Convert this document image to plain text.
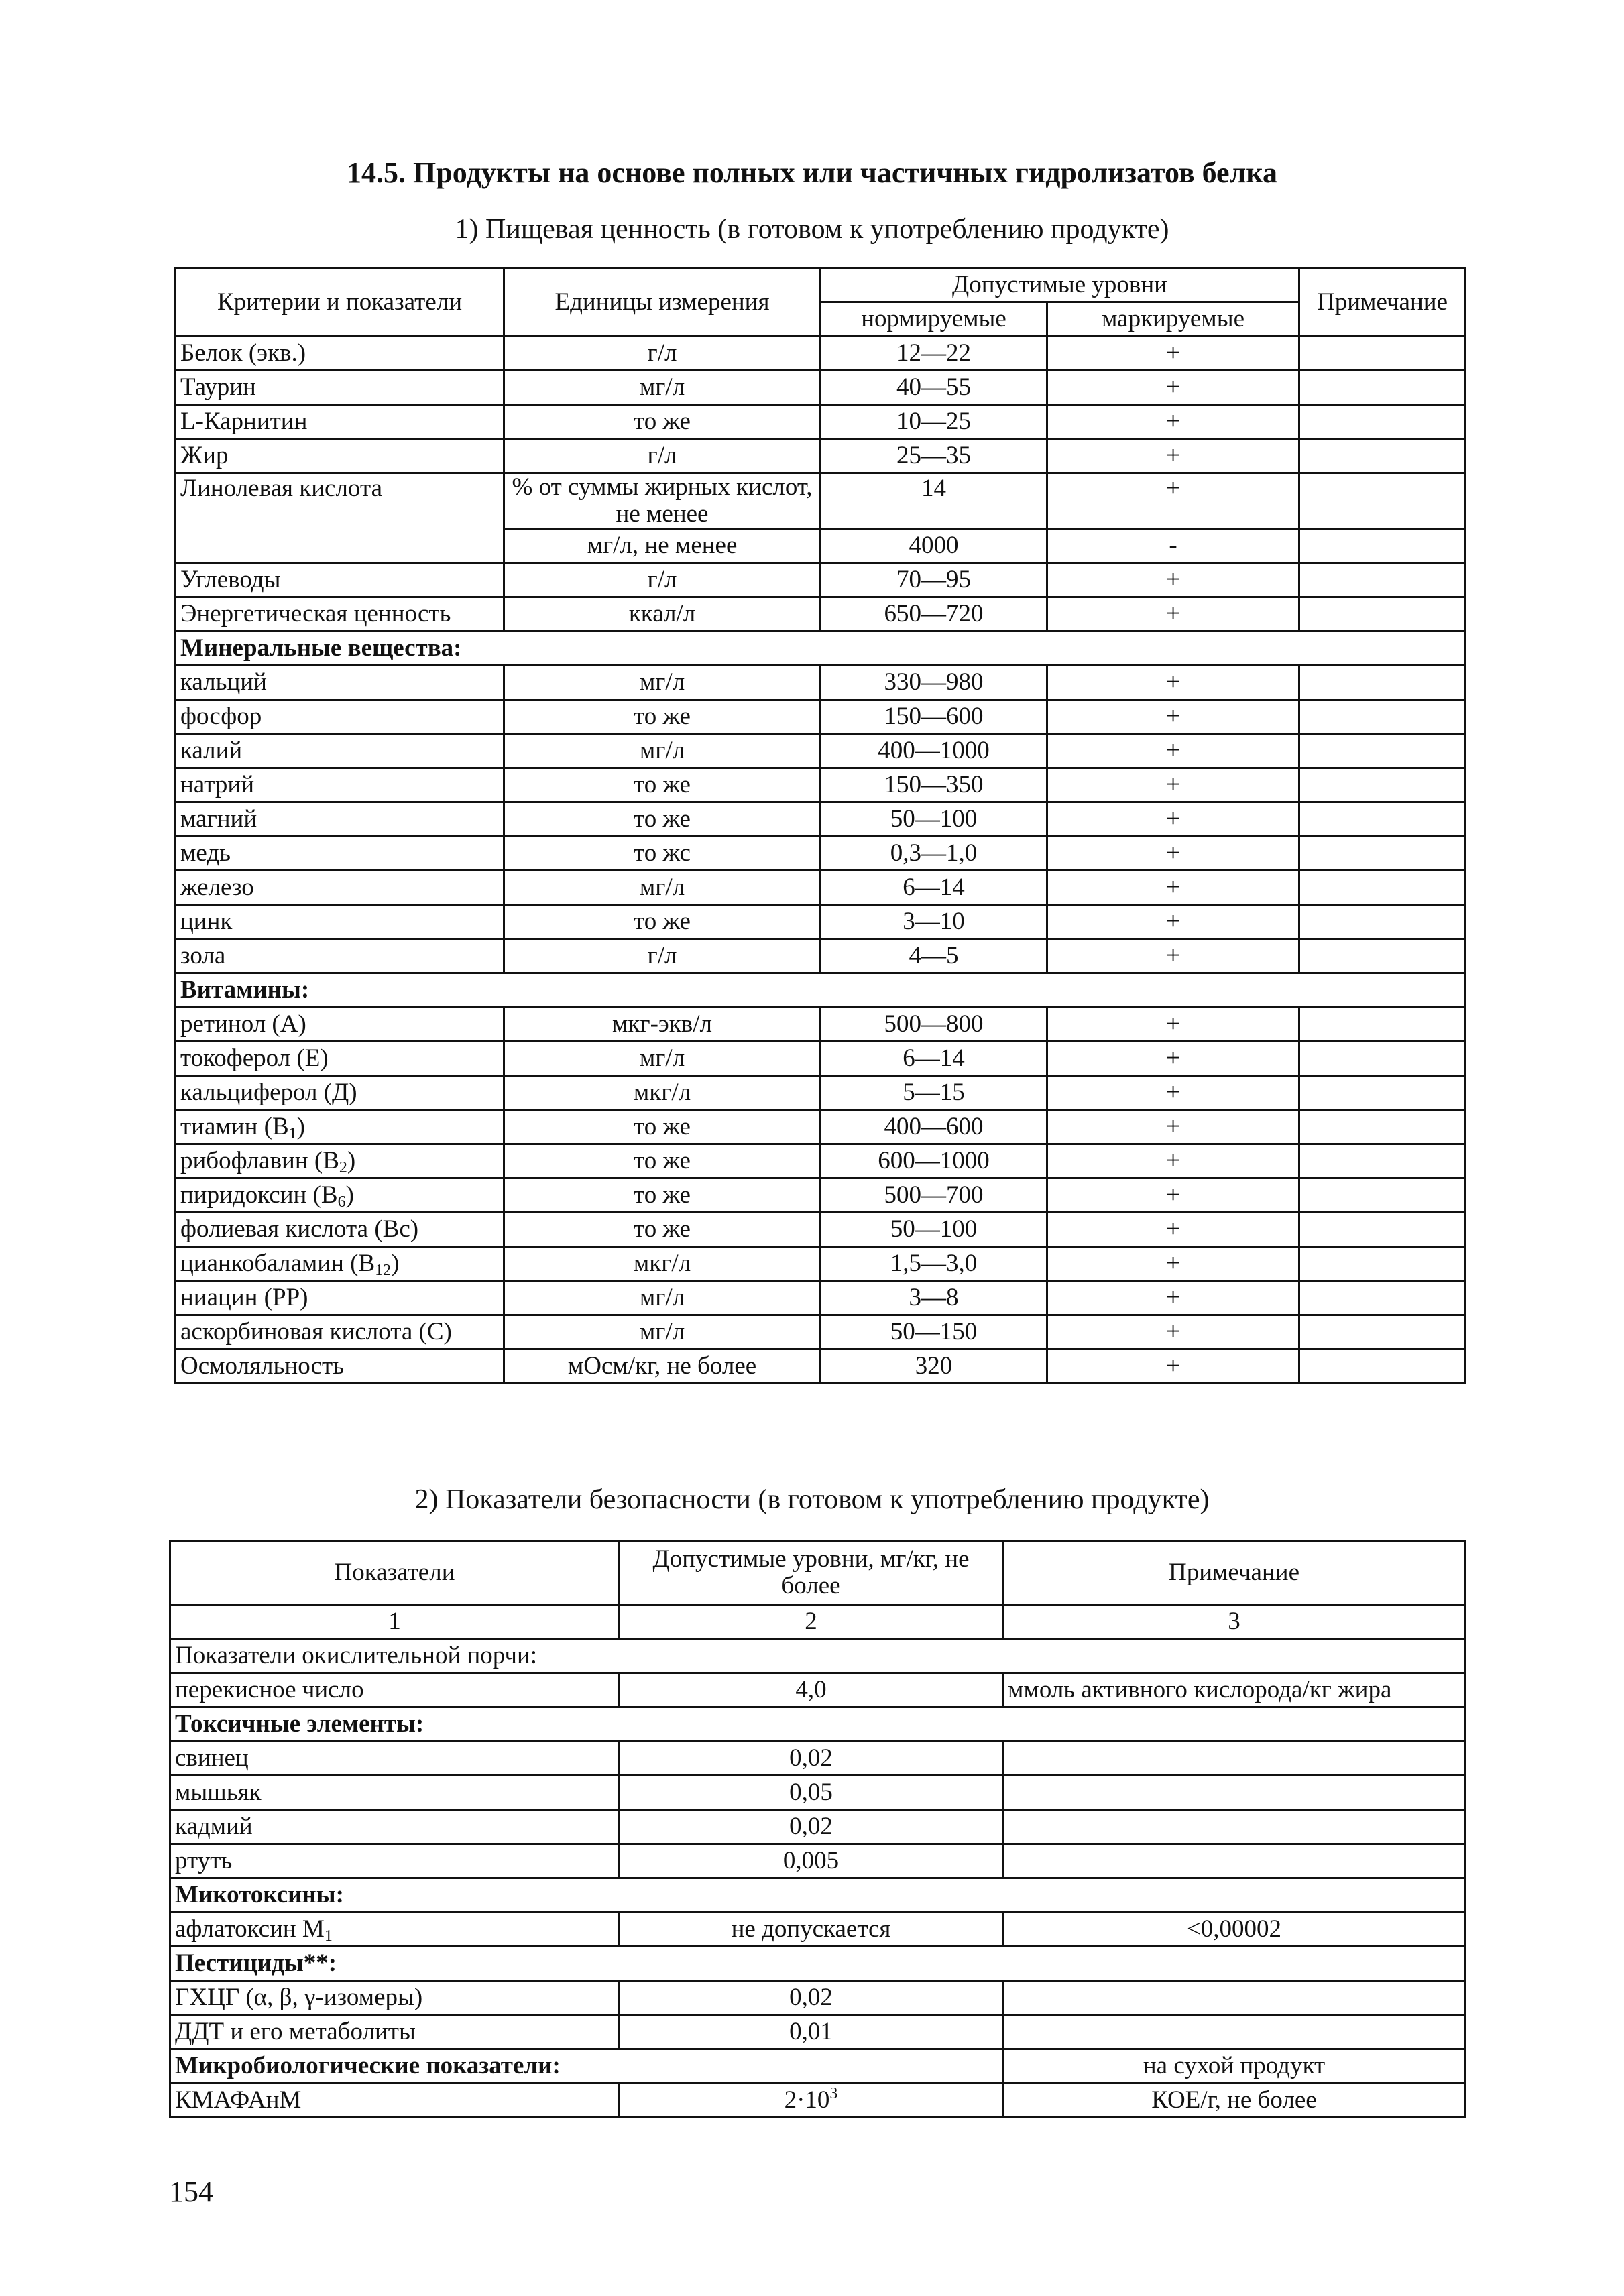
14.5. Продукты на основе полных или частичных гидролизатов белка
1) Пищевая ценность (в готовом к употреблению продукте)
Критерии и показатели	Единицы измерения	Допустимые уровни		Примечание
		нормируемые	маркируемые	
Белок (экв.)	г/л	12—22	+	
Таурин	мг/л	40—55	+	
L-Карнитин	то же	10—25	+	
Жир	г/л	25—35	+	
Линолевая кислота	% от суммы жирных кислот, не менее	14	+	
	мг/л, не менее	4000	-	
Углеводы	г/л	70—95	+	
Энергетическая ценность	ккал/л	650—720	+	
Минеральные вещества:				
кальций	мг/л	330—980	+	
фосфор	то же	150—600	+	
калий	мг/л	400—1000	+	
натрий	то же	150—350	+	
магний	то же	50—100	+	
медь	то жс	0,3—1,0	+	
железо	мг/л	6—14	+	
цинк	то же	3—10	+	
зола	г/л	4—5	+	
Витамины:				
ретинол (А)	мкг-экв/л	500—800	+	
токоферол (Е)	мг/л	6—14	+	
кальциферол (Д)	мкг/л	5—15	+	
тиамин $(В_1)$	то же	400—600	+	
рибофлавин $(В_2)$	то же	600—1000	+	
пиридоксин $(В_6)$	то же	500—700	+	
фолиевая кислота (Вс)	то же	50—100	+	
цианкобаламин $(В_{12})$	мкг/л	1,5—3,0	+	
ниацин (РР)	мг/л	3—8	+	
аскорбиновая кислота (С)	мг/л	50—150	+	
Осмоляльность	мОсм/кг, не более	320	+	
2) Показатели безопасности (в готовом к употреблению продукте)
Показатели	Допустимые уровни, мг/кг, не более	Примечание
1	2	3
Показатели окислительной порчи:		
перекисное число	4,0	ммоль активного кислорода/кг жира
Токсичные элементы:		
свинец	0,02	
мышьяк	0,05	
кадмий	0,02	
ртуть	0,005	
Микотоксины:		
афлатоксин $М_1$	не допускается	<0,00002
Пестициды**:		
ГХЦГ (α, β, γ-изомеры)	0,02	
ДДТ и его метаболиты	0,01	
Микробиологические показатели:		на сухой продукт
КМАФАнМ	$2\cdot 10^3$	КОЕ/г, не более
154
